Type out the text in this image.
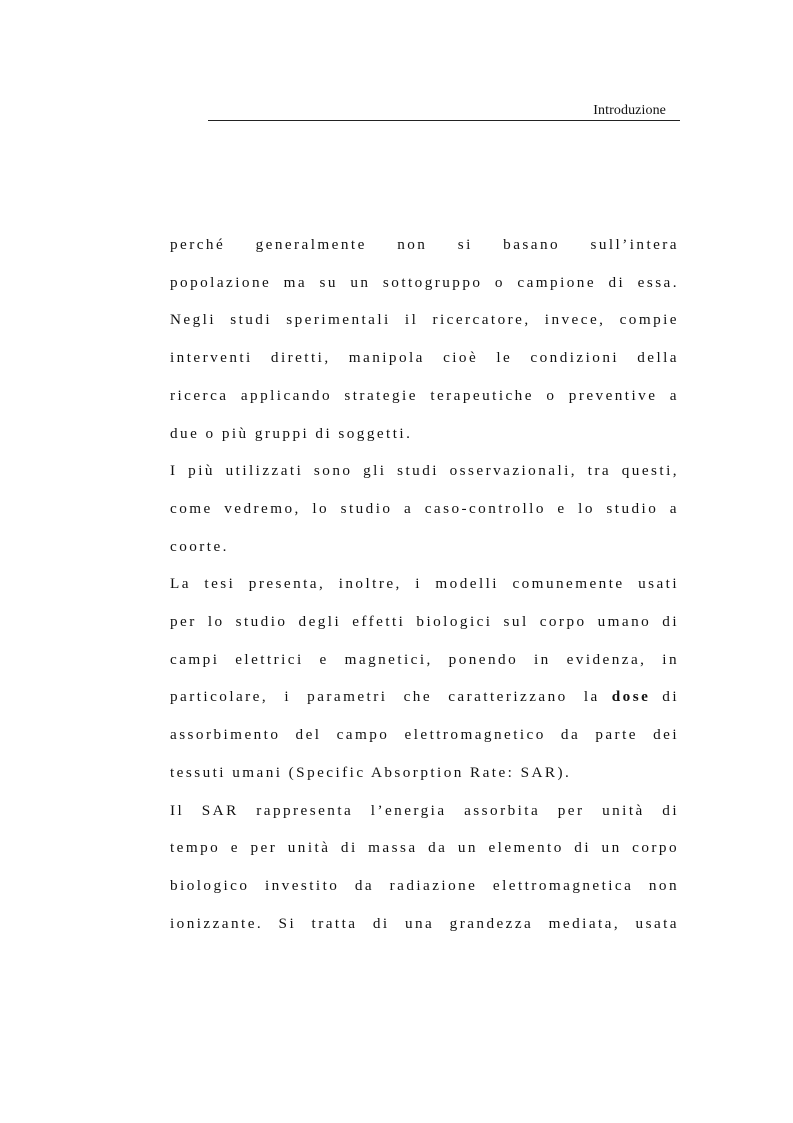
Introduzione
perché generalmente non si basano sull’intera
popolazione ma su un sottogruppo o campione di essa.
Negli studi sperimentali il ricercatore, invece, compie
interventi diretti, manipola cioè le condizioni della
ricerca applicando strategie terapeutiche o preventive a
due o più gruppi di soggetti.
I più utilizzati sono gli studi osservazionali, tra questi,
come vedremo, lo studio a caso-controllo e lo studio a
coorte.
La tesi presenta, inoltre, i modelli comunemente usati
per lo studio degli effetti biologici sul corpo umano di
campi elettrici e magnetici, ponendo in evidenza, in
particolare, i parametri che caratterizzano la dose di
assorbimento del campo elettromagnetico da parte dei
tessuti umani (Specific Absorption Rate: SAR).
Il SAR rappresenta l’energia assorbita per unità di
tempo e per unità di massa da un elemento di un corpo
biologico investito da radiazione elettromagnetica non
ionizzante. Si tratta di una grandezza mediata, usata
